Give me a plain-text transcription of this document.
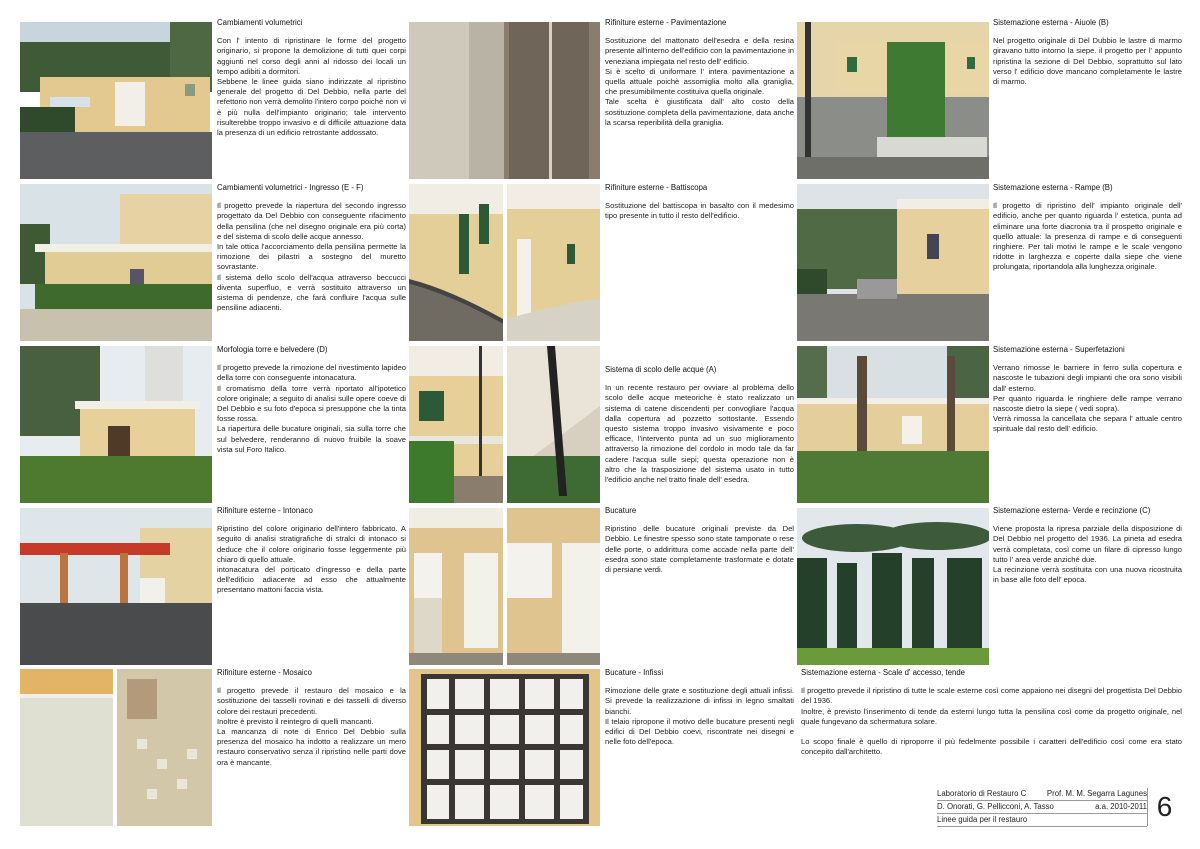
Cambiamenti volumetrici

Con l' intento di ripristinare le forme del progetto originario, si propone la demolizione di tutti quei corpi aggiunti nel corso degli anni al ridosso dei locali un tempo adibiti a dormitori.
Sebbene le linee guida siano indirizzate al ripristino generale del progetto di Del Debbio, nella parte del refettorio non verrà demolito l'intero corpo poichè non vi è più nulla dell'impianto originario; tale intervento risulterebbe troppo invasivo e di difficile attuazione data la presenza di un edificio retrostante addossato.

Cambiamenti volumetrici - Ingresso (E - F)

Il progetto prevede la riapertura del secondo ingresso progettato da Del Debbio con conseguente rifacimento della pensilina (che nel disegno originale era più corta) e del sistema di scolo delle acque annesso.
In tale ottica l'accorciamento della pensilina permette la rimozione dei pilastri a sostegno del muretto sovrastante.
Il sistema dello scolo dell'acqua attraverso beccucci diventa superfluo, e verrà sostituito attraverso un sistema di pendenze, che farà confluire l'acqua sulle pensiline adiacenti.

Morfologia torre e belvedere (D)

Il progetto prevede la rimozione del rivestimento lapideo della torre con conseguente intonacatura.
Il cromatismo della torre verrà riportato all'ipotetico colore originale; a seguito di analisi sulle opere coeve di Del Debbio e su foto d'epoca si presuppone che la tinta fosse rossa.
La riapertura delle bucature originali, sia sulla torre che sul belvedere, renderanno di nuovo fruibile la soave vista sul Foro Italico.

Rifiniture esterne - Intonaco

Ripristino del colore originario dell'intero fabbricato. A seguito di analisi stratigrafiche di stralci di intonaco si deduce che il colore originario fosse leggermente più chiaro di quello attuale.
intonacatura del porticato d'ingresso e della parte dell'edificio adiacente ad esso che attualmente presentano mattoni faccia vista.

Rifiniture esterne - Mosaico

Il progetto prevede il restauro del mosaico e la sostituzione dei tasselli rovinati e dei tasselli di diverso colore dei restauri precedenti.
Inoltre è previsto il reintegro di quelli mancanti.
La mancanza di note di Enrico Del Debbio sulla presenza del mosaico ha indotto a realizzare un mero restauro conservativo senza il ripristino nelle parti dove ora è mancante.

Rifiniture esterne - Pavimentazione

Sostituzione del mattonato dell'esedra e della resina presente all'interno dell'edificio con la pavimentazione in veneziana impiegata nel resto dell' edificio.
Si è scelto di uniformare l' intera pavimentazione a quella attuale poichè assomiglia molto alla graniglia, che presumibilmente costituiva quella originale.
Tale scelta è giustificata dall' alto costo della sostituzione completa della pavimentazione, data anche la scarsa reperibilità della graniglia.

Rifiniture esterne - Battiscopa

Sostituzione del battiscopa in basalto con il medesimo tipo presente in tutto il resto dell'edificio.

Sistema di scolo delle acque (A)

In un recente restauro per ovviare al problema dello scolo delle acque meteoriche è stato realizzato un sistema di catene discendenti per convogliare l'acqua dalla copertura ad pozzetto sottostante. Essendo questo sistema troppo invasivo visivamente e poco efficace, l'intervento punta ad un suo miglioramento attraverso la rimozione del cordolo in modo tale da far cadere l'acqua sulle siepi; questa operazione non è altro che la trasposizione del sistema usato in tutto l'edificio anche nel tratto finale dell' esedra.

Bucature

Ripristino delle bucature originali previste da Del Debbio. Le finestre spesso sono state tamponate o rese delle porte, o addirittura come accade nella parte dell' esedra sono state completamente trasformate e dotate di persiane verdi.

Bucature - Infissi

Rimozione delle grate e sostituzione degli attuali infissi. Si prevede la realizzazione di infissi in legno smaltati bianchi.
Il telaio ripropone il motivo delle bucature presenti negli edifici di Del Debbio coevi, riscontrate nei disegni e nelle foto dell'epoca.

Sistemazione esterna - Aiuole (B)

Nel progetto originale di Del Dubbio le lastre di marmo giravano tutto intorno la siepe. il progetto per l' appunto ripristina la sezione di Del Debbio, soprattutto sul lato verso l' edificio dove mancano completamente le lastre di marmo.

Sistemazione esterna - Rampe (B)

Il progetto di ripristino dell' impianto originale dell' edificio, anche per quanto riguarda l' estetica, punta ad eliminare una forte diacronia tra il prospetto originale e quello attuale: la presenza di rampe e di conseguenti ringhiere. Per tali motivi le rampe e le scale vengono ridotte in larghezza e coperte dalla siepe che viene prolungata, riportandola alla lunghezza originale.

Sistemazione esterna - Superfetazioni

Verrano rimosse le barriere in ferro sulla copertura e nascoste le tubazioni degli impianti che ora sono visibili dall' esterno.
Per quanto riguarda le ringhiere delle rampe verrano nascoste dietro la siepe ( vedi sopra).
Verrà rimossa la cancellata che separa l' attuale centro spirituale dal resto dell' edificio.

Sistemazione esterna- Verde e recinzione (C)

Viene proposta la ripresa parziale della disposizione di Del Debbio nel progetto del 1936. La pineta ad esedra verrà completata, così come un filare di cipresso lungo tutto l' area verde anziché due.
La recinzione verrà sostituita con una nuova ricostruita in base alle foto dell' epoca.

Sistemazione esterna - Scale d' accesso, tende

Il progetto prevede il ripristino di tutte le scale esterne così come appaiono nei disegni del progettista Del Debbio del 1936.
Inoltre, è previsto l'inserimento di tende da esterni lungo tutta la pensilina così come da progetto originale, nel quale fungevano da schermatura solare.

Lo scopo finale è quello di riproporre il più fedelmente possibile i caratteri dell'edificio così come era stato concepito dall'architetto.

Laboratorio di Restauro C	Prof. M. M. Segarra Lagunes
D. Onorati, G. Pellicconi, A. Tasso	a.a. 2010-2011
Linee guida per il restauro	6
